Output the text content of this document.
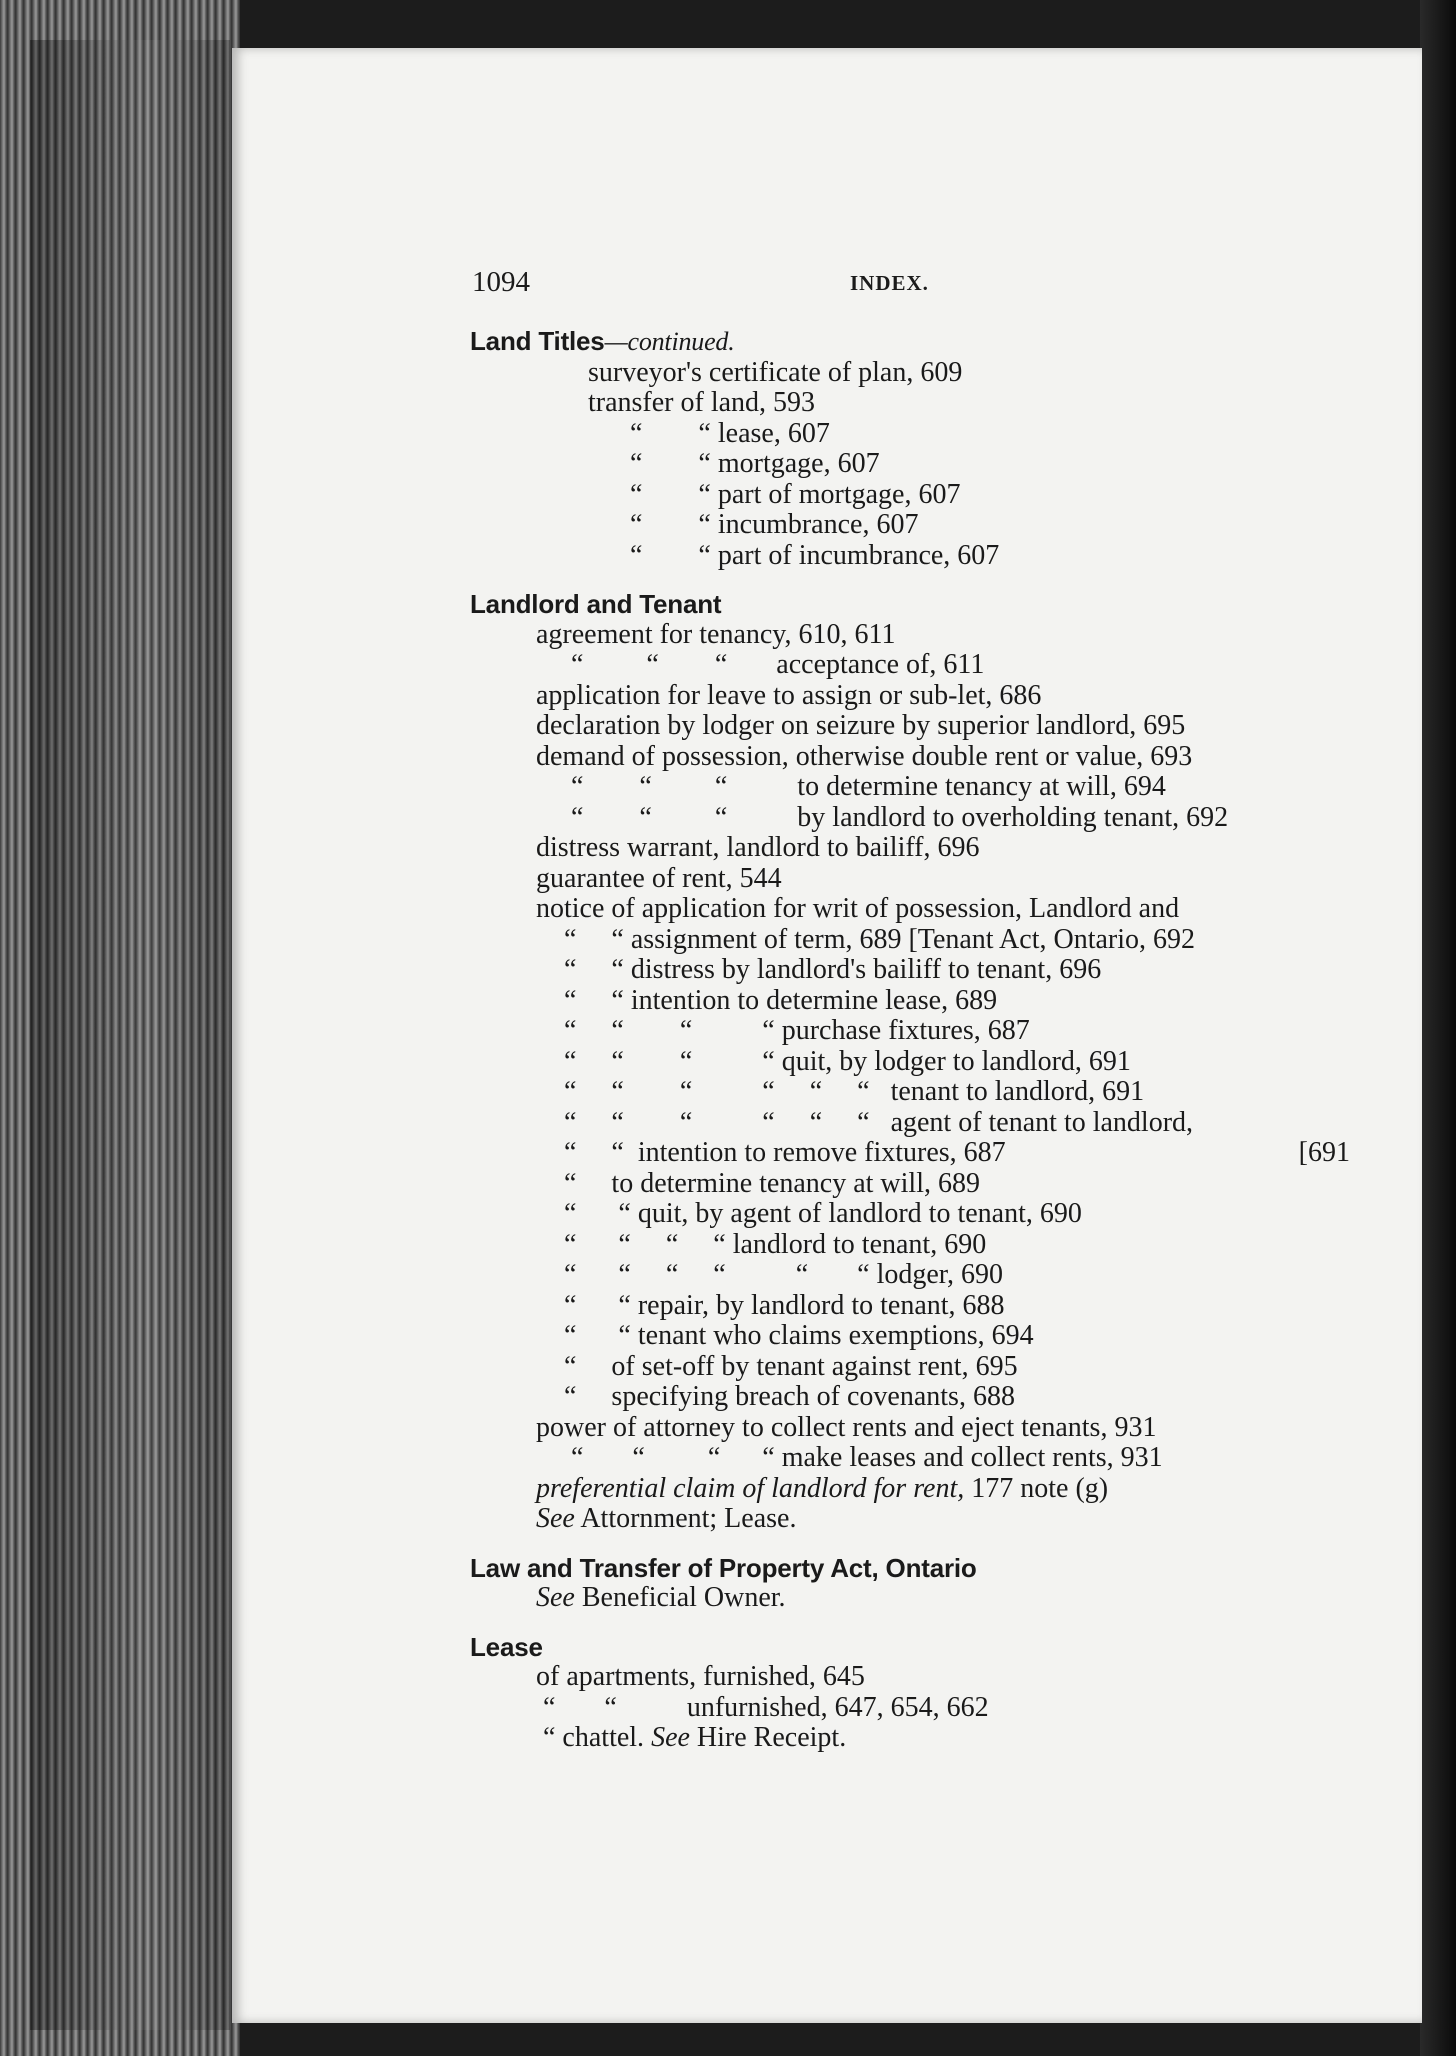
1094	INDEX.
Land Titles—continued.
surveyor's certificate of plan, 609
transfer of land, 593
“        “ lease, 607
“        “ mortgage, 607
“        “ part of mortgage, 607
“        “ incumbrance, 607
“        “ part of incumbrance, 607
Landlord and Tenant
agreement for tenancy, 610, 611
“         “        “       acceptance of, 611
application for leave to assign or sub-let, 686
declaration by lodger on seizure by superior landlord, 695
demand of possession, otherwise double rent or value, 693
“        “         “          to determine tenancy at will, 694
“        “         “          by landlord to overholding tenant, 692
distress warrant, landlord to bailiff, 696
guarantee of rent, 544
notice of application for writ of possession, Landlord and
“     “ assignment of term, 689 [Tenant Act, Ontario, 692
“     “ distress by landlord's bailiff to tenant, 696
“     “ intention to determine lease, 689
“     “        “          “ purchase fixtures, 687
“     “        “          “ quit, by lodger to landlord, 691
“     “        “          “     “     “   tenant to landlord, 691
“     “        “          “     “     “   agent of tenant to landlord,
“     “  intention to remove fixtures, 687	[691
“     to determine tenancy at will, 689
“      “ quit, by agent of landlord to tenant, 690
“      “     “     “ landlord to tenant, 690
“      “     “     “          “       “ lodger, 690
“      “ repair, by landlord to tenant, 688
“      “ tenant who claims exemptions, 694
“     of set-off by tenant against rent, 695
“     specifying breach of covenants, 688
power of attorney to collect rents and eject tenants, 931
“       “         “      “ make leases and collect rents, 931
preferential claim of landlord for rent, 177 note (g)
See Attornment; Lease.
Law and Transfer of Property Act, Ontario
See Beneficial Owner.
Lease
of apartments, furnished, 645
“       “          unfurnished, 647, 654, 662
“ chattel. See Hire Receipt.
